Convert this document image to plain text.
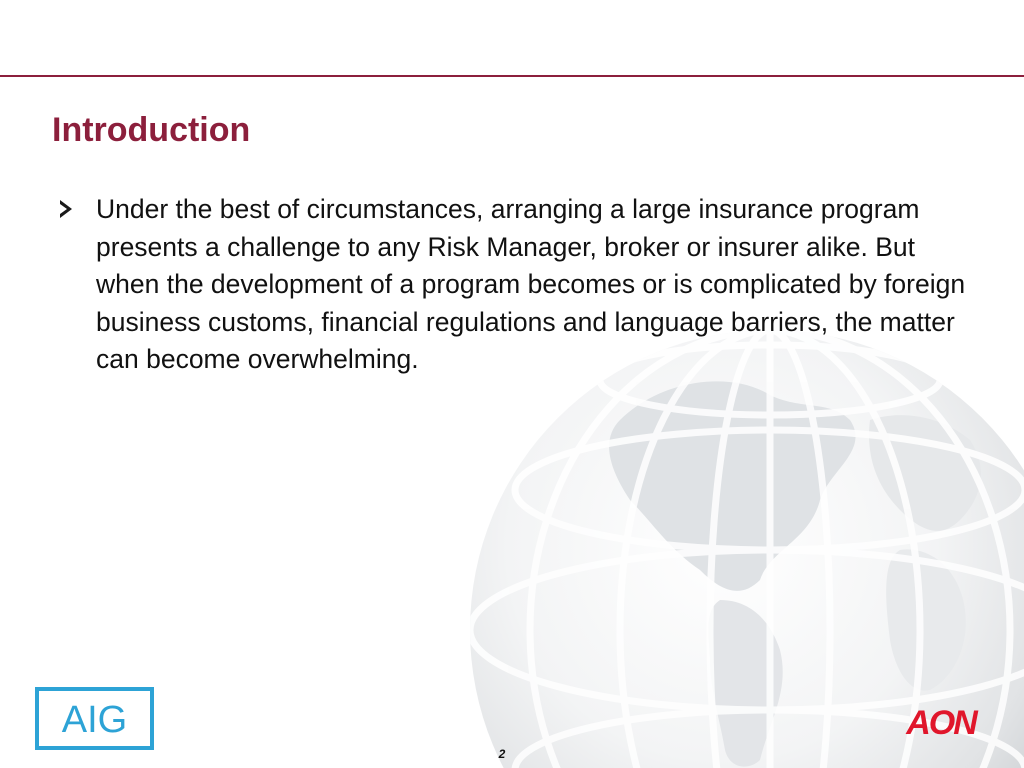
Introduction
Under the best of circumstances, arranging a large insurance program presents a challenge to any Risk Manager, broker or insurer alike. But when the development of a program becomes or is complicated by foreign business customs, financial regulations and language barriers, the matter can become overwhelming.
AIG	AON
2
